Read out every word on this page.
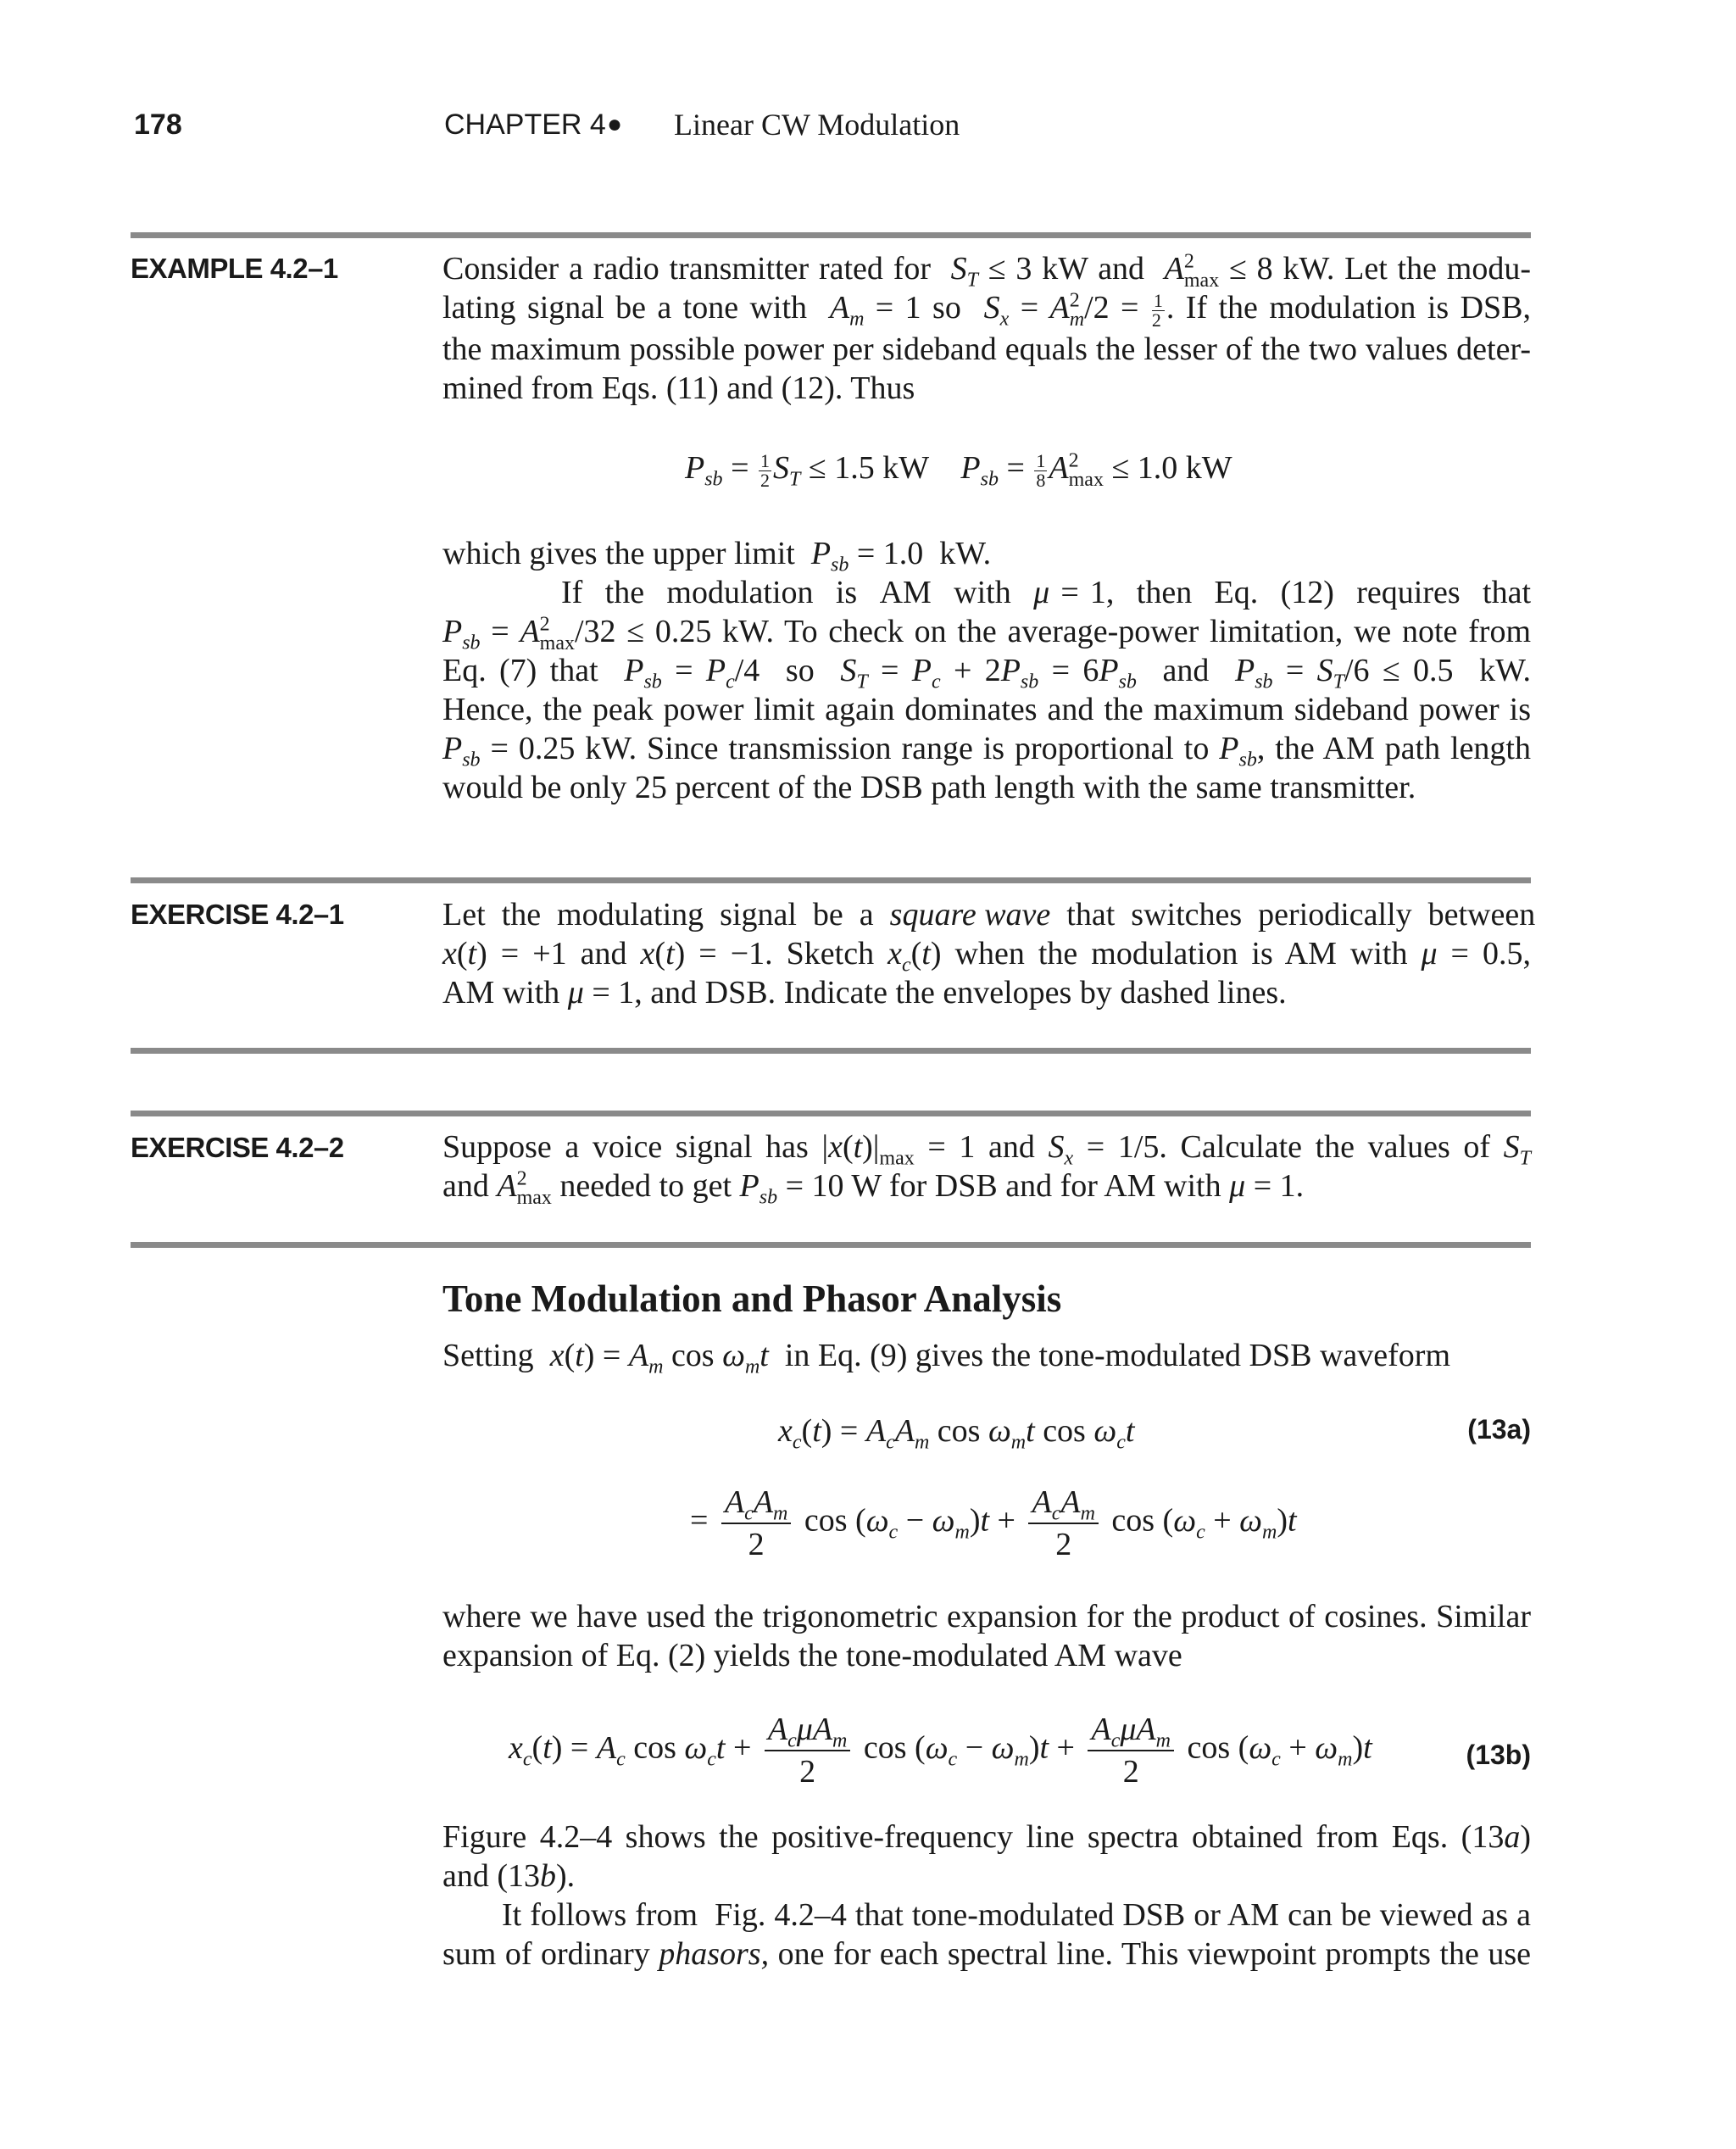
178	CHAPTER 4 ● Linear CW Modulation
EXAMPLE 4.2–1	Consider a radio transmitter rated for  $S_T \le 3$ kW and  $A^2_{max} \le 8$ kW. Let the modu-
lating signal be a tone with  $A_m = 1$ so  $S_x = A^2_m/2 = \frac{1}{2}$ . If the modulation is DSB,
the maximum possible power per sideband equals the lesser of the two values deter-
mined from Eqs. (11) and (12). Thus
$P_{sb} = \frac{1}{2} S_T \le 1.5$ kW    $P_{sb} = \frac{1}{8} A^2_{max} \le 1.0$ kW
which gives the upper limit  $P_{sb} = 1.0$  kW.
If  the  modulation  is  AM  with  μ = 1,  then  Eq.  (12)  requires  that
$P_{sb} = A^2_{max}/32 \le 0.25$ kW. To check on the average-power limitation, we note from
Eq. (7) that  $P_{sb} = P_c/4$  so  $S_T = P_c + 2P_{sb} = 6P_{sb}$  and  $P_{sb} = S_T/6 \le 0.5$  kW.
Hence, the peak power limit again dominates and the maximum sideband power is
$P_{sb} = 0.25$ kW. Since transmission range is proportional to $P_{sb}$, the AM path length
would be only 25 percent of the DSB path length with the same transmitter.
EXERCISE 4.2–1	Let  the  modulating  signal  be  a  square wave  that  switches  periodically  between
x(t) = +1 and x(t) = −1. Sketch $x_c(t)$ when the modulation is AM with μ = 0.5,
AM with μ = 1, and DSB. Indicate the envelopes by dashed lines.
EXERCISE 4.2–2	Suppose a voice signal has $|x(t)|_{max} = 1$ and $S_x = 1/5$. Calculate the values of $S_T$
and $A^2_{max}$ needed to get $P_{sb} = 10$ W for DSB and for AM with μ = 1.
Tone Modulation and Phasor Analysis
Setting  $x(t) = A_m$ $\cos \omega_mt$  in Eq. (9) gives the tone-modulated DSB waveform
$x_c(t) = A_cA_m$ $\cos \omega_mt$ $\cos \omega_ct$	(13a)
= $\frac{A_cA_m}{2}$ $\cos (\omega_c - \omega_m)t + \frac{A_cA_m}{2}$ $\cos (\omega_c + \omega_m)t$
where we have used the trigonometric expansion for the product of cosines. Similar
expansion of Eq. (2) yields the tone-modulated AM wave
$x_c(t) = A_c$ $\cos \omega_ct + \frac{A_c\mu A_m}{2}$ $\cos (\omega_c - \omega_m)t + \frac{A_c\mu A_m}{2}$ $\cos (\omega_c + \omega_m)t$	(13b)
Figure 4.2–4 shows the positive-frequency line spectra obtained from Eqs. (13a)
and (13b).
It follows from  Fig. 4.2–4 that tone-modulated DSB or AM can be viewed as a
sum of ordinary phasors, one for each spectral line. This viewpoint prompts the use
